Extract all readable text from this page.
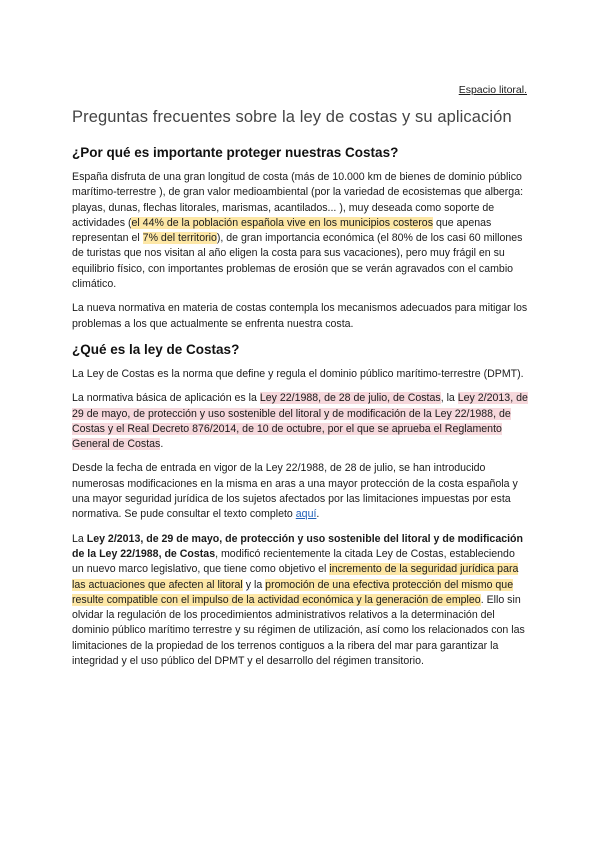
Espacio litoral.
Preguntas frecuentes sobre la ley de costas y su aplicación
¿Por qué es importante proteger nuestras Costas?

España disfruta de una gran longitud de costa (más de 10.000 km de bienes de dominio público marítimo-terrestre ), de gran valor medioambiental (por la variedad de ecosistemas que alberga: playas, dunas, flechas litorales, marismas, acantilados... ), muy deseada como soporte de actividades (el 44% de la población española vive en los municipios costeros que apenas representan el 7% del territorio), de gran importancia económica (el 80% de los casi 60 millones de turistas que nos visitan al año eligen la costa para sus vacaciones), pero muy frágil en su equilibrio físico, con importantes problemas de erosión que se verán agravados con el cambio climático.

La nueva normativa en materia de costas contempla los mecanismos adecuados para mitigar los problemas a los que actualmente se enfrenta nuestra costa.

¿Qué es la ley de Costas?

La Ley de Costas es la norma que define y regula el dominio público marítimo-terrestre (DPMT).

La normativa básica de aplicación es la Ley 22/1988, de 28 de julio, de Costas, la Ley 2/2013, de 29 de mayo, de protección y uso sostenible del litoral y de modificación de la Ley 22/1988, de Costas y el Real Decreto 876/2014, de 10 de octubre, por el que se aprueba el Reglamento General de Costas.

Desde la fecha de entrada en vigor de la Ley 22/1988, de 28 de julio, se han introducido numerosas modificaciones en la misma en aras a una mayor protección de la costa española y una mayor seguridad jurídica de los sujetos afectados por las limitaciones impuestas por esta normativa. Se pude consultar el texto completo aquí.

La Ley 2/2013, de 29 de mayo, de protección y uso sostenible del litoral y de modificación de la Ley 22/1988, de Costas, modificó recientemente la citada Ley de Costas, estableciendo un nuevo marco legislativo, que tiene como objetivo el incremento de la seguridad jurídica para las actuaciones que afecten al litoral y la promoción de una efectiva protección del mismo que resulte compatible con el impulso de la actividad económica y la generación de empleo. Ello sin olvidar la regulación de los procedimientos administrativos relativos a la determinación del dominio público marítimo terrestre y su régimen de utilización, así como los relacionados con las limitaciones de la propiedad de los terrenos contiguos a la ribera del mar para garantizar la integridad y el uso público del DPMT y el desarrollo del régimen transitorio.
